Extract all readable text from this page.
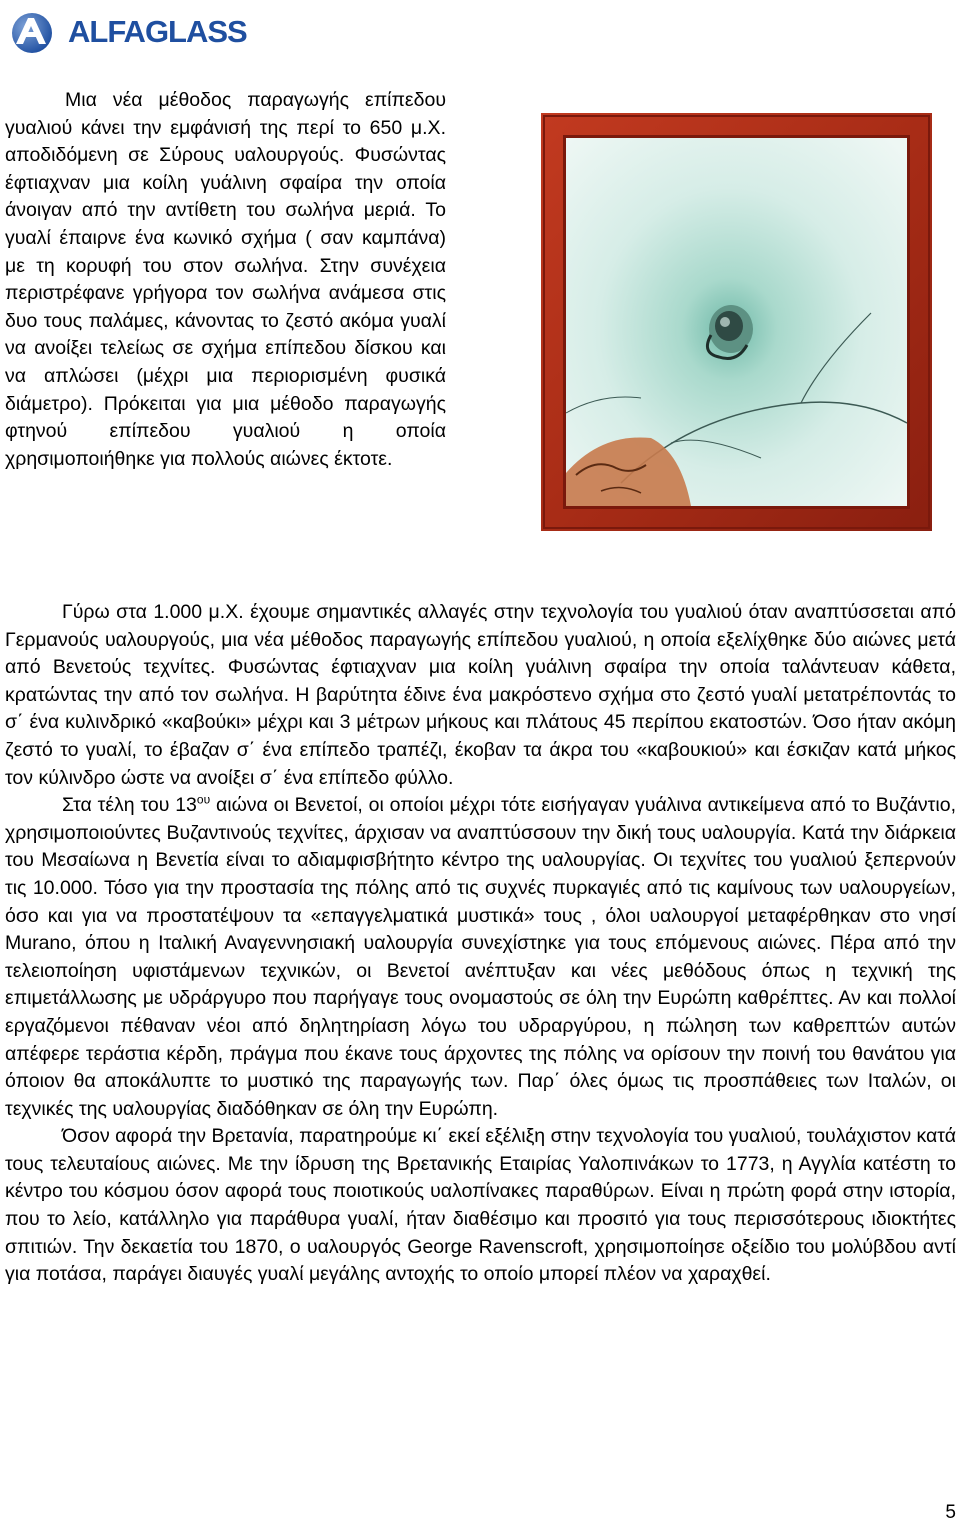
ALFAGLASS

Μια νέα μέθοδος παραγωγής επίπεδου γυαλιού κάνει την εμφάνισή της περί το 650 μ.Χ. αποδιδόμενη σε Σύρους υαλουργούς. Φυσώντας έφτιαχναν μια κοίλη γυάλινη σφαίρα την οποία άνοιγαν από την αντίθετη του σωλήνα μεριά. Το γυαλί έπαιρνε ένα κωνικό σχήμα ( σαν καμπάνα) με τη κορυφή του στον σωλήνα. Στην συνέχεια περιστρέφανε γρήγορα τον σωλήνα ανάμεσα στις δυο τους παλάμες, κάνοντας το ζεστό ακόμα γυαλί να ανοίξει τελείως σε σχήμα επίπεδου δίσκου και να απλώσει (μέχρι μια περιορισμένη φυσικά διάμετρο). Πρόκειται για μια μέθοδο παραγωγής φτηνού επίπεδου γυαλιού η οποία χρησιμοποιήθηκε για πολλούς αιώνες έκτοτε.

Γύρω στα 1.000 μ.Χ. έχουμε σημαντικές αλλαγές στην τεχνολογία του γυαλιού όταν αναπτύσσεται από Γερμανούς υαλουργούς, μια νέα μέθοδος παραγωγής επίπεδου γυαλιού, η οποία εξελίχθηκε δύο αιώνες μετά από Βενετούς τεχνίτες. Φυσώντας έφτιαχναν μια κοίλη γυάλινη σφαίρα την οποία ταλάντευαν κάθετα, κρατώντας την από τον σωλήνα. Η βαρύτητα έδινε ένα μακρόστενο σχήμα στο ζεστό γυαλί μετατρέποντάς το σ΄ ένα κυλινδρικό «καβούκι» μέχρι και 3 μέτρων μήκους και πλάτους 45 περίπου εκατοστών. Όσο ήταν ακόμη ζεστό το γυαλί, το έβαζαν σ΄ ένα επίπεδο τραπέζι, έκοβαν τα άκρα του «καβουκιού» και έσκιζαν κατά μήκος τον κύλινδρο ώστε να ανοίξει σ΄ ένα επίπεδο φύλλο.

Στα τέλη του $13^{o\upsilon}$ αιώνα οι Βενετοί, οι οποίοι μέχρι τότε εισήγαγαν γυάλινα αντικείμενα από το Βυζάντιο, χρησιμοποιούντες Βυζαντινούς τεχνίτες, άρχισαν να αναπτύσσουν την δική τους υαλουργία. Κατά την διάρκεια του Μεσαίωνα η Βενετία είναι το αδιαμφισβήτητο κέντρο της υαλουργίας. Οι τεχνίτες του γυαλιού ξεπερνούν τις 10.000. Τόσο για την προστασία της πόλης από τις συχνές πυρκαγιές από τις καμίνους των υαλουργείων, όσο και για να προστατέψουν τα «επαγγελματικά μυστικά» τους , όλοι υαλουργοί μεταφέρθηκαν στο νησί Murano, όπου η Ιταλική Αναγεννησιακή υαλουργία συνεχίστηκε για τους επόμενους αιώνες. Πέρα από την τελειοποίηση υφιστάμενων τεχνικών, οι Βενετοί ανέπτυξαν και νέες μεθόδους όπως η τεχνική της επιμετάλλωσης με υδράργυρο που παρήγαγε τους ονομαστούς σε όλη την Ευρώπη καθρέπτες. Αν και πολλοί εργαζόμενοι πέθαναν νέοι από δηλητηρίαση λόγω του υδραργύρου, η πώληση των καθρεπτών αυτών απέφερε τεράστια κέρδη, πράγμα που έκανε τους άρχοντες της πόλης να ορίσουν την ποινή του θανάτου για όποιον θα αποκάλυπτε το μυστικό της παραγωγής των. Παρ΄ όλες όμως τις προσπάθειες των Ιταλών, οι τεχνικές της υαλουργίας διαδόθηκαν σε όλη την Ευρώπη.

Όσον αφορά την Βρετανία, παρατηρούμε κι΄ εκεί εξέλιξη στην τεχνολογία του γυαλιού, τουλάχιστον κατά τους τελευταίους αιώνες. Με την ίδρυση της Βρετανικής Εταιρίας Υαλοπινάκων το 1773, η Αγγλία κατέστη το κέντρο του κόσμου όσον αφορά τους ποιοτικούς υαλοπίνακες παραθύρων. Είναι η πρώτη φορά στην ιστορία, που το λείο, κατάλληλο για παράθυρα γυαλί, ήταν διαθέσιμο και προσιτό για τους περισσότερους ιδιοκτήτες σπιτιών. Την δεκαετία του 1870, ο υαλουργός George Ravenscroft, χρησιμοποίησε οξείδιο του μολύβδου αντί για ποτάσα, παράγει διαυγές γυαλί μεγάλης αντοχής το οποίο μπορεί πλέον να χαραχθεί.

5
